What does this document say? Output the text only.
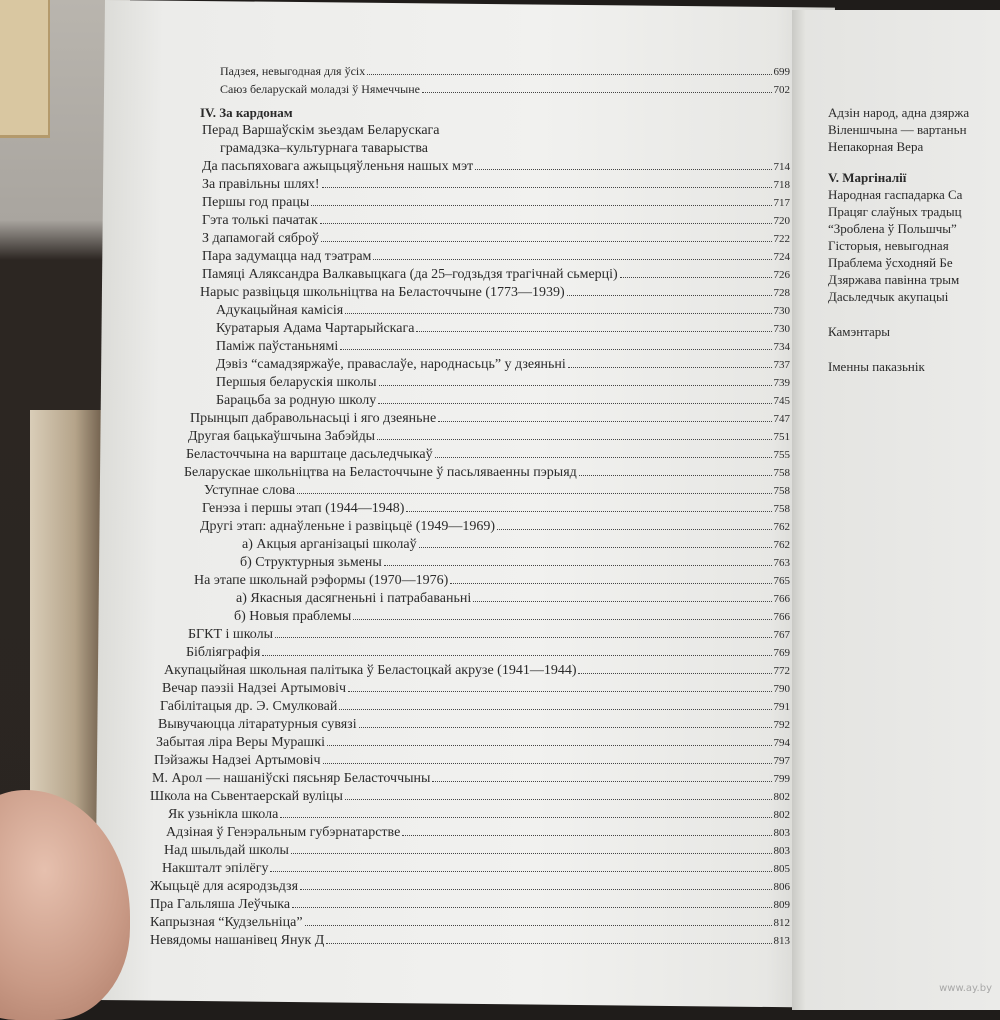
Падзея, невыгодная для ўсіх	699
Саюз беларускай моладзі ў Нямеччыне	702
IV. За кардонам
Перад Варшаўскім зьездам Беларускага
грамадзка–культурнага таварыства
Да пасьпяховага ажыцьцяўленьня нашых мэт	714
За правільны шлях!	718
Першы год працы	717
Гэта толькі пачатак	720
З дапамогай сяброў	722
Пара задумацца над тэатрам	724
Памяці Аляксандра Валкавыцкага (да 25–годзьдзя трагічнай сьмерці)	726
Нарыс развіцьця школьніцтва на Беласточчыне (1773—1939)	728
Адукацыйная камісія	730
Куратарыя Адама Чартарыйскага	730
Паміж паўстаньнямі	734
Дэвіз “самадзяржаўе, праваслаўе, народнасьць” у дзеяньні	737
Першыя беларускія школы	739
Барацьба за родную школу	745
Прынцып дабравольнасьці і яго дзеяньне	747
Другая бацькаўшчына Забэйды	751
Беласточчына на варштаце дасьледчыкаў	755
Беларускае школьніцтва на Беласточчыне ў пасьляваенны пэрыяд	758
Уступнае слова	758
Генэза і першы этап (1944—1948)	758
Другі этап: аднаўленьне і развіцьцё (1949—1969)	762
а) Акцыя арганізацыі школаў	762
б) Структурныя зьмены	763
На этапе школьнай рэформы (1970—1976)	765
а) Якасныя дасягненьні і патрабаваньні	766
б) Новыя праблемы	766
БГКТ і школы	767
Бібліяграфія	769
Акупацыйная школьная палітыка ў Беластоцкай акрузе (1941—1944)	772
Вечар паэзіі Надзеі Артымовіч	790
Габілітацыя др. Э. Смулковай	791
Вывучаюцца літаратурныя сувязі	792
Забытая ліра Веры Мурашкі	794
Пэйзажы Надзеі Артымовіч	797
М. Арол — нашанiўскі пясьняр Беласточчыны	799
Школа на Сьвентаерскай вуліцы	802
Як узьнікла школа	802
Адзіная ў Генэральным губэрнатарстве	803
Над шыльдай школы	803
Накшталт эпілёгу	805
Жыцьцё для асяродзьдзя	806
Пра Гальляша Леўчыка	809
Капрызная “Кудзельніца”	812
Невядомы нашанівец Янук Д	813
Адзін народ, адна дзяржа
Віленшчына — вартаньн
Непакорная Вера
V. Маргіналії
Народная гаспадарка Са
Працяг слаўных традыц
“Зроблена ў Польшчы”
Гісторыя, невыгодная
Праблема ўсходняй Бе
Дзяржава павінна трым
Дасьледчык акупацыі
Камэнтары
Іменны паказьнік
www.ay.by
